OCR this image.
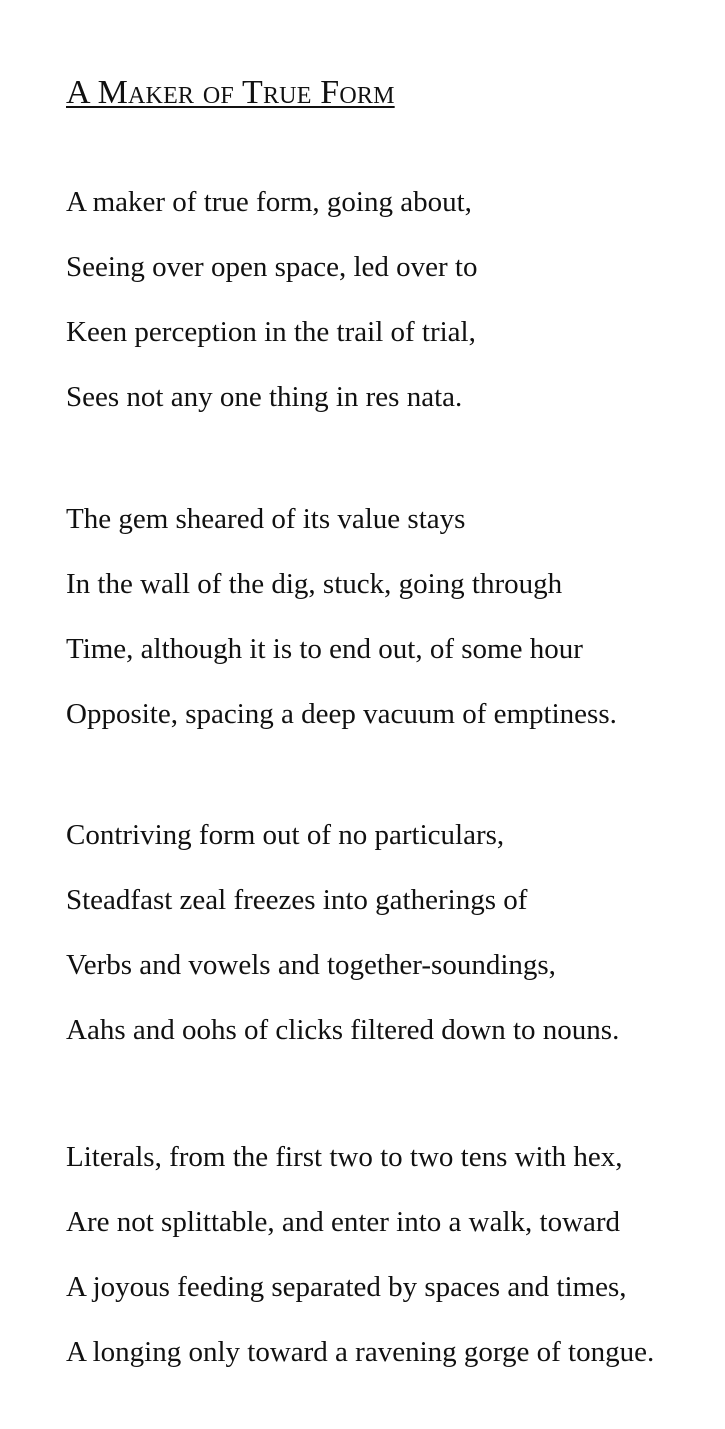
A Maker of True Form

A maker of true form, going about,

Seeing over open space, led over to

Keen perception in the trail of trial,

Sees not any one thing in res nata.

The gem sheared of its value stays

In the wall of the dig, stuck, going through

Time, although it is to end out, of some hour

Opposite, spacing a deep vacuum of emptiness.

Contriving form out of no particulars,

Steadfast zeal freezes into gatherings of

Verbs and vowels and together-soundings,

Aahs and oohs of clicks filtered down to nouns.

Literals, from the first two to two tens with hex,

Are not splittable, and enter into a walk, toward

A joyous feeding separated by spaces and times,

A longing only toward a ravening gorge of tongue.
